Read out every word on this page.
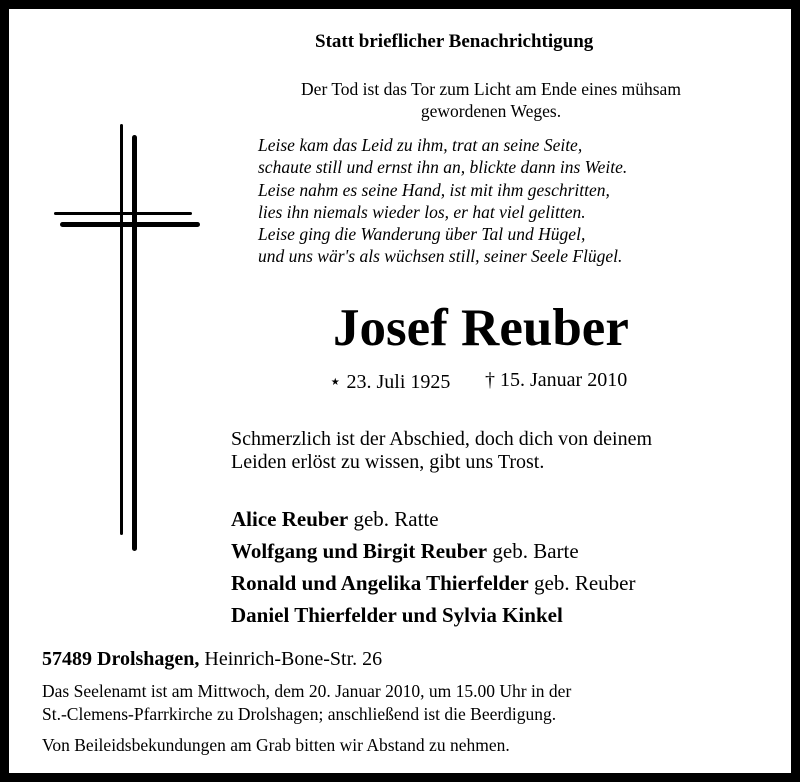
Statt brieflicher Benachrichtigung
Der Tod ist das Tor zum Licht am Ende eines mühsam
gewordenen Weges.
Leise kam das Leid zu ihm, trat an seine Seite,
schaute still und ernst ihn an, blickte dann ins Weite.
Leise nahm es seine Hand, ist mit ihm geschritten,
lies ihn niemals wieder los, er hat viel gelitten.
Leise ging die Wanderung über Tal und Hügel,
und uns wär's als wüchsen still, seiner Seele Flügel.
Josef Reuber
⋆ 23. Juli 1925 † 15. Januar 2010
Schmerzlich ist der Abschied, doch dich von deinem
Leiden erlöst zu wissen, gibt uns Trost.
Alice Reuber geb. Ratte
Wolfgang und Birgit Reuber geb. Barte
Ronald und Angelika Thierfelder geb. Reuber
Daniel Thierfelder und Sylvia Kinkel
57489 Drolshagen, Heinrich-Bone-Str. 26
Das Seelenamt ist am Mittwoch, dem 20. Januar 2010, um 15.00 Uhr in der
St.-Clemens-Pfarrkirche zu Drolshagen; anschließend ist die Beerdigung.
Von Beileidsbekundungen am Grab bitten wir Abstand zu nehmen.
